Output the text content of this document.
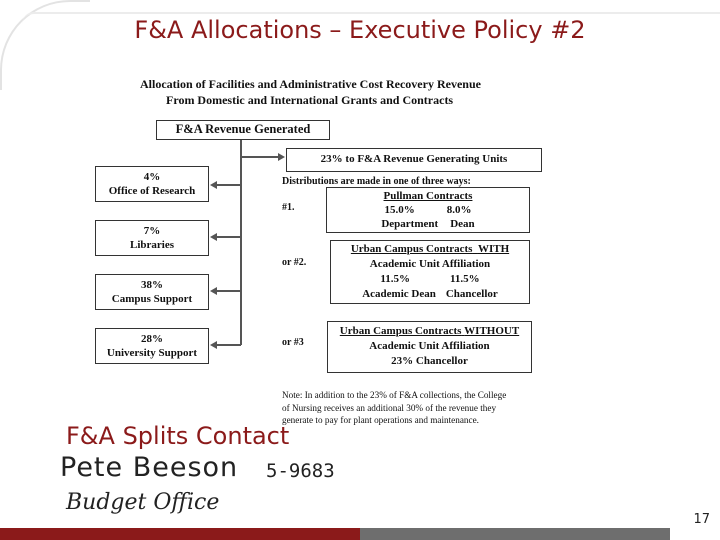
F&A Allocations – Executive Policy #2
Allocation of Facilities and Administrative Cost Recovery Revenue
From Domestic and International Grants and Contracts
F&A Revenue Generated
23% to F&A Revenue Generating Units
4%
Office of Research
7%
Libraries
38%
Campus Support
28%
University Support
Distributions are made in one of three ways:
#1.
Pullman Contracts
15.0%	8.0%
Department Dean
or #2.
Urban Campus Contracts WITH
Academic Unit Affiliation
11.5%	11.5%
Academic Dean Chancellor
or #3
Urban Campus Contracts WITHOUT
Academic Unit Affiliation
23% Chancellor
Note: In addition to the 23% of F&A collections, the College
of Nursing receives an additional 30% of the revenue they
generate to pay for plant operations and maintenance.
F&A Splits Contact
Pete Beeson 5-9683
Budget Office
17
